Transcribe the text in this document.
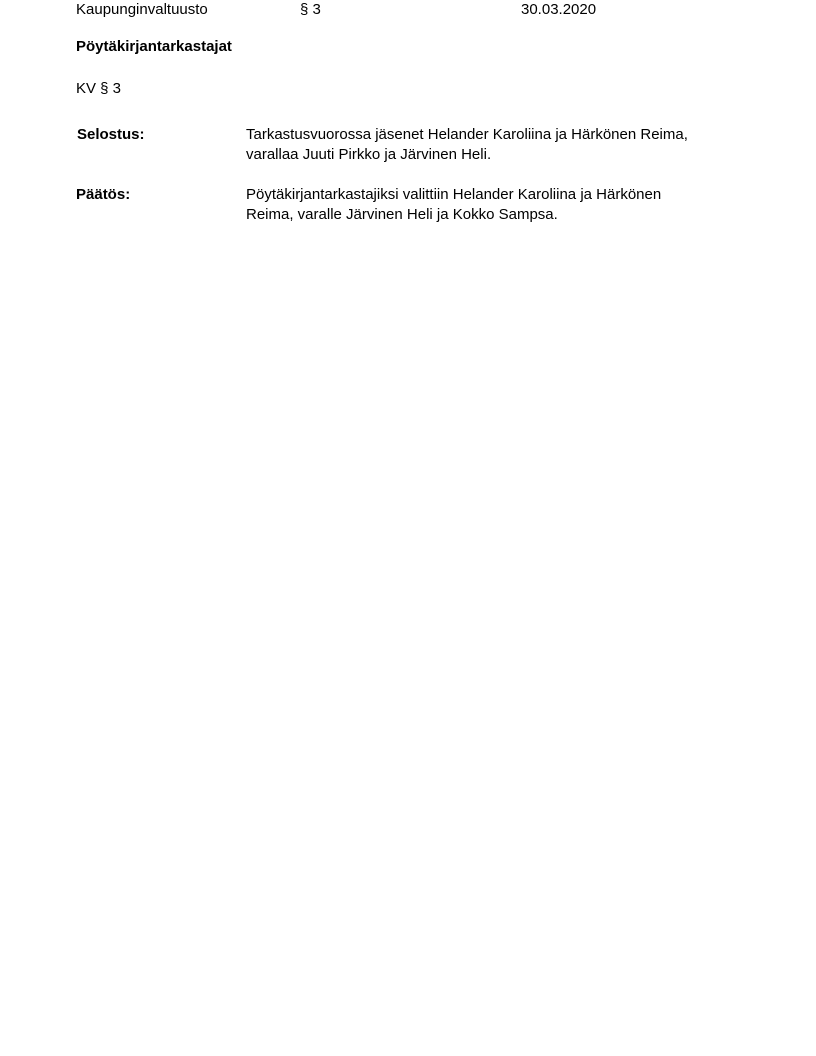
Kaupunginvaltuusto	§ 3	30.03.2020
Pöytäkirjantarkastajat
KV § 3
Selostus:	Tarkastusvuorossa jäsenet Helander Karoliina ja Härkönen Reima,
varallaa Juuti Pirkko ja Järvinen Heli.
Päätös:	Pöytäkirjantarkastajiksi valittiin Helander Karoliina ja Härkönen
Reima, varalle Järvinen Heli ja Kokko Sampsa.
